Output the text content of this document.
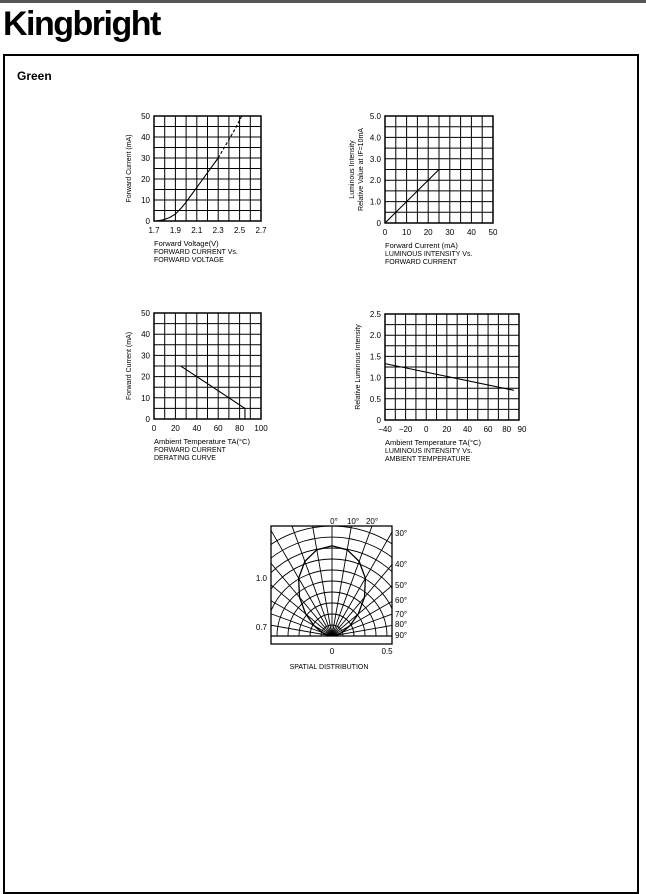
Kingbright
Green
0
10
20
30
40
50
1.7 1.9 2.1 2.3 2.5 2.7
Forward Voltage(V)
Forward Current (mA)
FORWARD CURRENT Vs.
FORWARD VOLTAGE
0
1.0
2.0
3.0
4.0
5.0
0 10 20 30 40 50
Forward Current (mA)
Luminous Intensity Relative Value at IF=10mA
LUMINOUS INTENSITY Vs.
FORWARD CURRENT
0
10
20
30
40
50
0 20 40 60 80 100
Ambient Temperature TA(°C)
Forward Current (mA)
FORWARD CURRENT
DERATING CURVE
0
0.5
1.0
1.5
2.0
2.5
−40 −20 0 20 40 60 80 90
Ambient Temperature TA(°C)
Relative Luminous Intensity
LUMINOUS INTENSITY Vs.
AMBIENT TEMPERATURE
0° 10° 20°
30°
40°
50°
60°
70°
80°
90°
1.0
0.7
0	0.5
SPATIAL DISTRIBUTION
